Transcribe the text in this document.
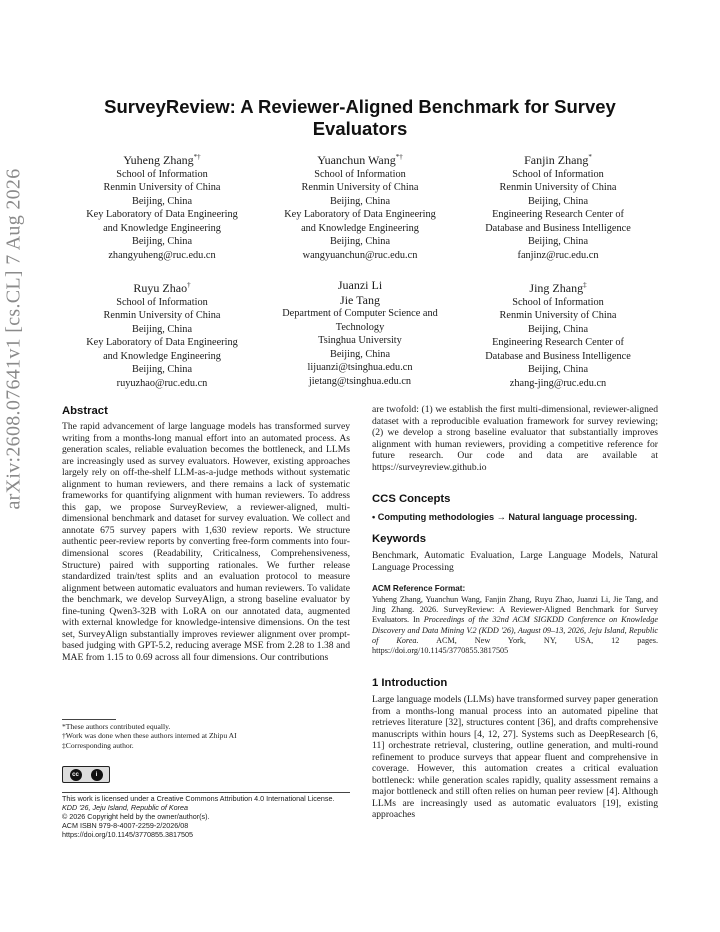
arXiv:2608.07641v1 [cs.CL] 7 Aug 2026
SurveyReview: A Reviewer-Aligned Benchmark for Survey
Evaluators
Yuheng Zhang*†
School of Information
Renmin University of China
Beijing, China
Key Laboratory of Data Engineering
and Knowledge Engineering
Beijing, China
zhangyuheng@ruc.edu.cn
Yuanchun Wang*†
School of Information
Renmin University of China
Beijing, China
Key Laboratory of Data Engineering
and Knowledge Engineering
Beijing, China
wangyuanchun@ruc.edu.cn
Fanjin Zhang*
School of Information
Renmin University of China
Beijing, China
Engineering Research Center of
Database and Business Intelligence
Beijing, China
fanjinz@ruc.edu.cn
Ruyu Zhao†
School of Information
Renmin University of China
Beijing, China
Key Laboratory of Data Engineering
and Knowledge Engineering
Beijing, China
ruyuzhao@ruc.edu.cn
Juanzi Li
Jie Tang
Department of Computer Science and
Technology
Tsinghua University
Beijing, China
lijuanzi@tsinghua.edu.cn
jietang@tsinghua.edu.cn
Jing Zhang‡
School of Information
Renmin University of China
Beijing, China
Engineering Research Center of
Database and Business Intelligence
Beijing, China
zhang-jing@ruc.edu.cn
Abstract

The rapid advancement of large language models has transformed survey writing from a months-long manual effort into an automated process. As generation scales, reliable evaluation becomes the bottleneck, and LLMs are increasingly used as survey evaluators. However, existing approaches largely rely on off-the-shelf LLM-as-a-judge methods without systematic alignment to human reviewers, and there remains a lack of systematic frameworks for quantifying alignment with human reviewers. To address this gap, we propose SurveyReview, a reviewer-aligned, multi-dimensional benchmark and dataset for survey evaluation. We collect and annotate 675 survey papers with 1,630 review reports. We structure authentic peer-review reports by converting free-form comments into four-dimensional scores (Readability, Criticalness, Comprehensiveness, Structure) paired with supporting rationales. We further release standardized train/test splits and an evaluation protocol to measure alignment between automatic evaluators and human reviewers. To validate the benchmark, we develop SurveyAlign, a strong baseline evaluator by fine-tuning Qwen3-32B with LoRA on our annotated data, augmented with external knowledge for knowledge-intensive dimensions. On the test set, SurveyAlign substantially improves reviewer alignment over prompt-based judging with GPT-5.2, reducing average MSE from 2.28 to 1.38 and MAE from 1.15 to 0.69 across all four dimensions. Our contributions

*These authors contributed equally.
†Work was done when these authors interned at Zhipu AI
‡Corresponding author.
cc	i
This work is licensed under a Creative Commons Attribution 4.0 International License.
KDD '26, Jeju Island, Republic of Korea
© 2026 Copyright held by the owner/author(s).
ACM ISBN 979-8-4007-2259-2/2026/08
https://doi.org/10.1145/3770855.3817505

are twofold: (1) we establish the first multi-dimensional, reviewer-aligned dataset with a reproducible evaluation framework for survey reviewing; (2) we develop a strong baseline evaluator that substantially improves alignment with human reviewers, providing a competitive reference for future research. Our code and data are available at https://surveyreview.github.io

CCS Concepts
• Computing methodologies → Natural language processing.
Keywords

Benchmark, Automatic Evaluation, Large Language Models, Natural Language Processing

ACM Reference Format:

Yuheng Zhang, Yuanchun Wang, Fanjin Zhang, Ruyu Zhao, Juanzi Li, Jie Tang, and Jing Zhang. 2026. SurveyReview: A Reviewer-Aligned Benchmark for Survey Evaluators. In Proceedings of the 32nd ACM SIGKDD Conference on Knowledge Discovery and Data Mining V.2 (KDD '26), August 09–13, 2026, Jeju Island, Republic of Korea. ACM, New York, NY, USA, 12 pages. https://doi.org/10.1145/3770855.3817505

1 Introduction

Large language models (LLMs) have transformed survey paper generation from a months-long manual process into an automated pipeline that retrieves literature [32], structures content [36], and drafts comprehensive manuscripts within hours [4, 12, 27]. Systems such as DeepResearch [6, 11] orchestrate retrieval, clustering, outline generation, and multi-round refinement to produce surveys that appear fluent and comprehensive in coverage. However, this automation creates a critical evaluation bottleneck: while generation scales rapidly, quality assessment remains a major bottleneck and still often relies on human peer review [4]. Although LLMs are increasingly used as automatic evaluators [19], existing approaches
